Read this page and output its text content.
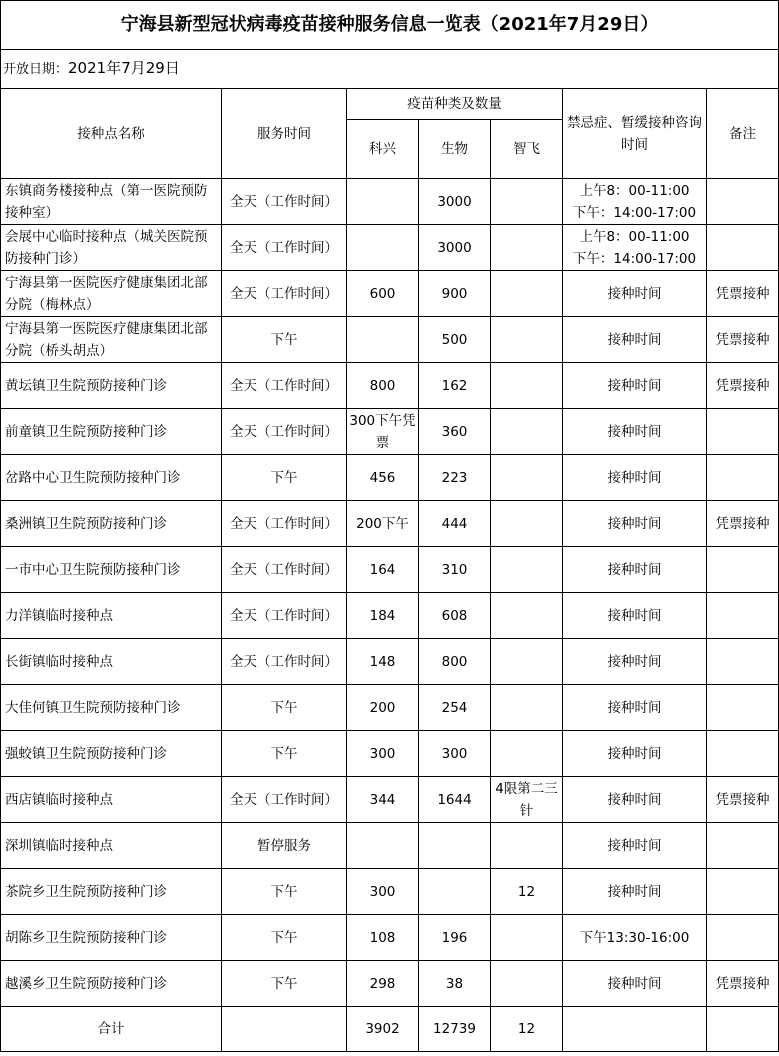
宁海县新型冠状病毒疫苗接种服务信息一览表（2021年7月29日）						
开放日期：2021年7月29日						
接种点名称	服务时间	疫苗种类及数量			禁忌症、暂缓接种咨询时间	备注
		科兴	生物	智飞		
东镇商务楼接种点（第一医院预防接种室）	全天（工作时间）		3000		上午8：00-11:00
下午：14:00-17:00	
会展中心临时接种点（城关医院预防接种门诊）	全天（工作时间）		3000		上午8：00-11:00
下午：14:00-17:00	
宁海县第一医院医疗健康集团北部分院（梅林点）	全天（工作时间）	600	900		接种时间	凭票接种
宁海县第一医院医疗健康集团北部分院（桥头胡点）	下午		500		接种时间	凭票接种
黄坛镇卫生院预防接种门诊	全天（工作时间）	800	162		接种时间	凭票接种
前童镇卫生院预防接种门诊	全天（工作时间）	300下午凭票	360		接种时间	
岔路中心卫生院预防接种门诊	下午	456	223		接种时间	
桑洲镇卫生院预防接种门诊	全天（工作时间）	200下午	444		接种时间	凭票接种
一市中心卫生院预防接种门诊	全天（工作时间）	164	310		接种时间	
力洋镇临时接种点	全天（工作时间）	184	608		接种时间	
长街镇临时接种点	全天（工作时间）	148	800		接种时间	
大佳何镇卫生院预防接种门诊	下午	200	254		接种时间	
强蛟镇卫生院预防接种门诊	下午	300	300		接种时间	
西店镇临时接种点	全天（工作时间）	344	1644	4限第二三针	接种时间	凭票接种
深圳镇临时接种点	暂停服务				接种时间	
茶院乡卫生院预防接种门诊	下午	300		12	接种时间	
胡陈乡卫生院预防接种门诊	下午	108	196		下午13:30-16:00	
越溪乡卫生院预防接种门诊	下午	298	38		接种时间	凭票接种
合计		3902	12739	12		
